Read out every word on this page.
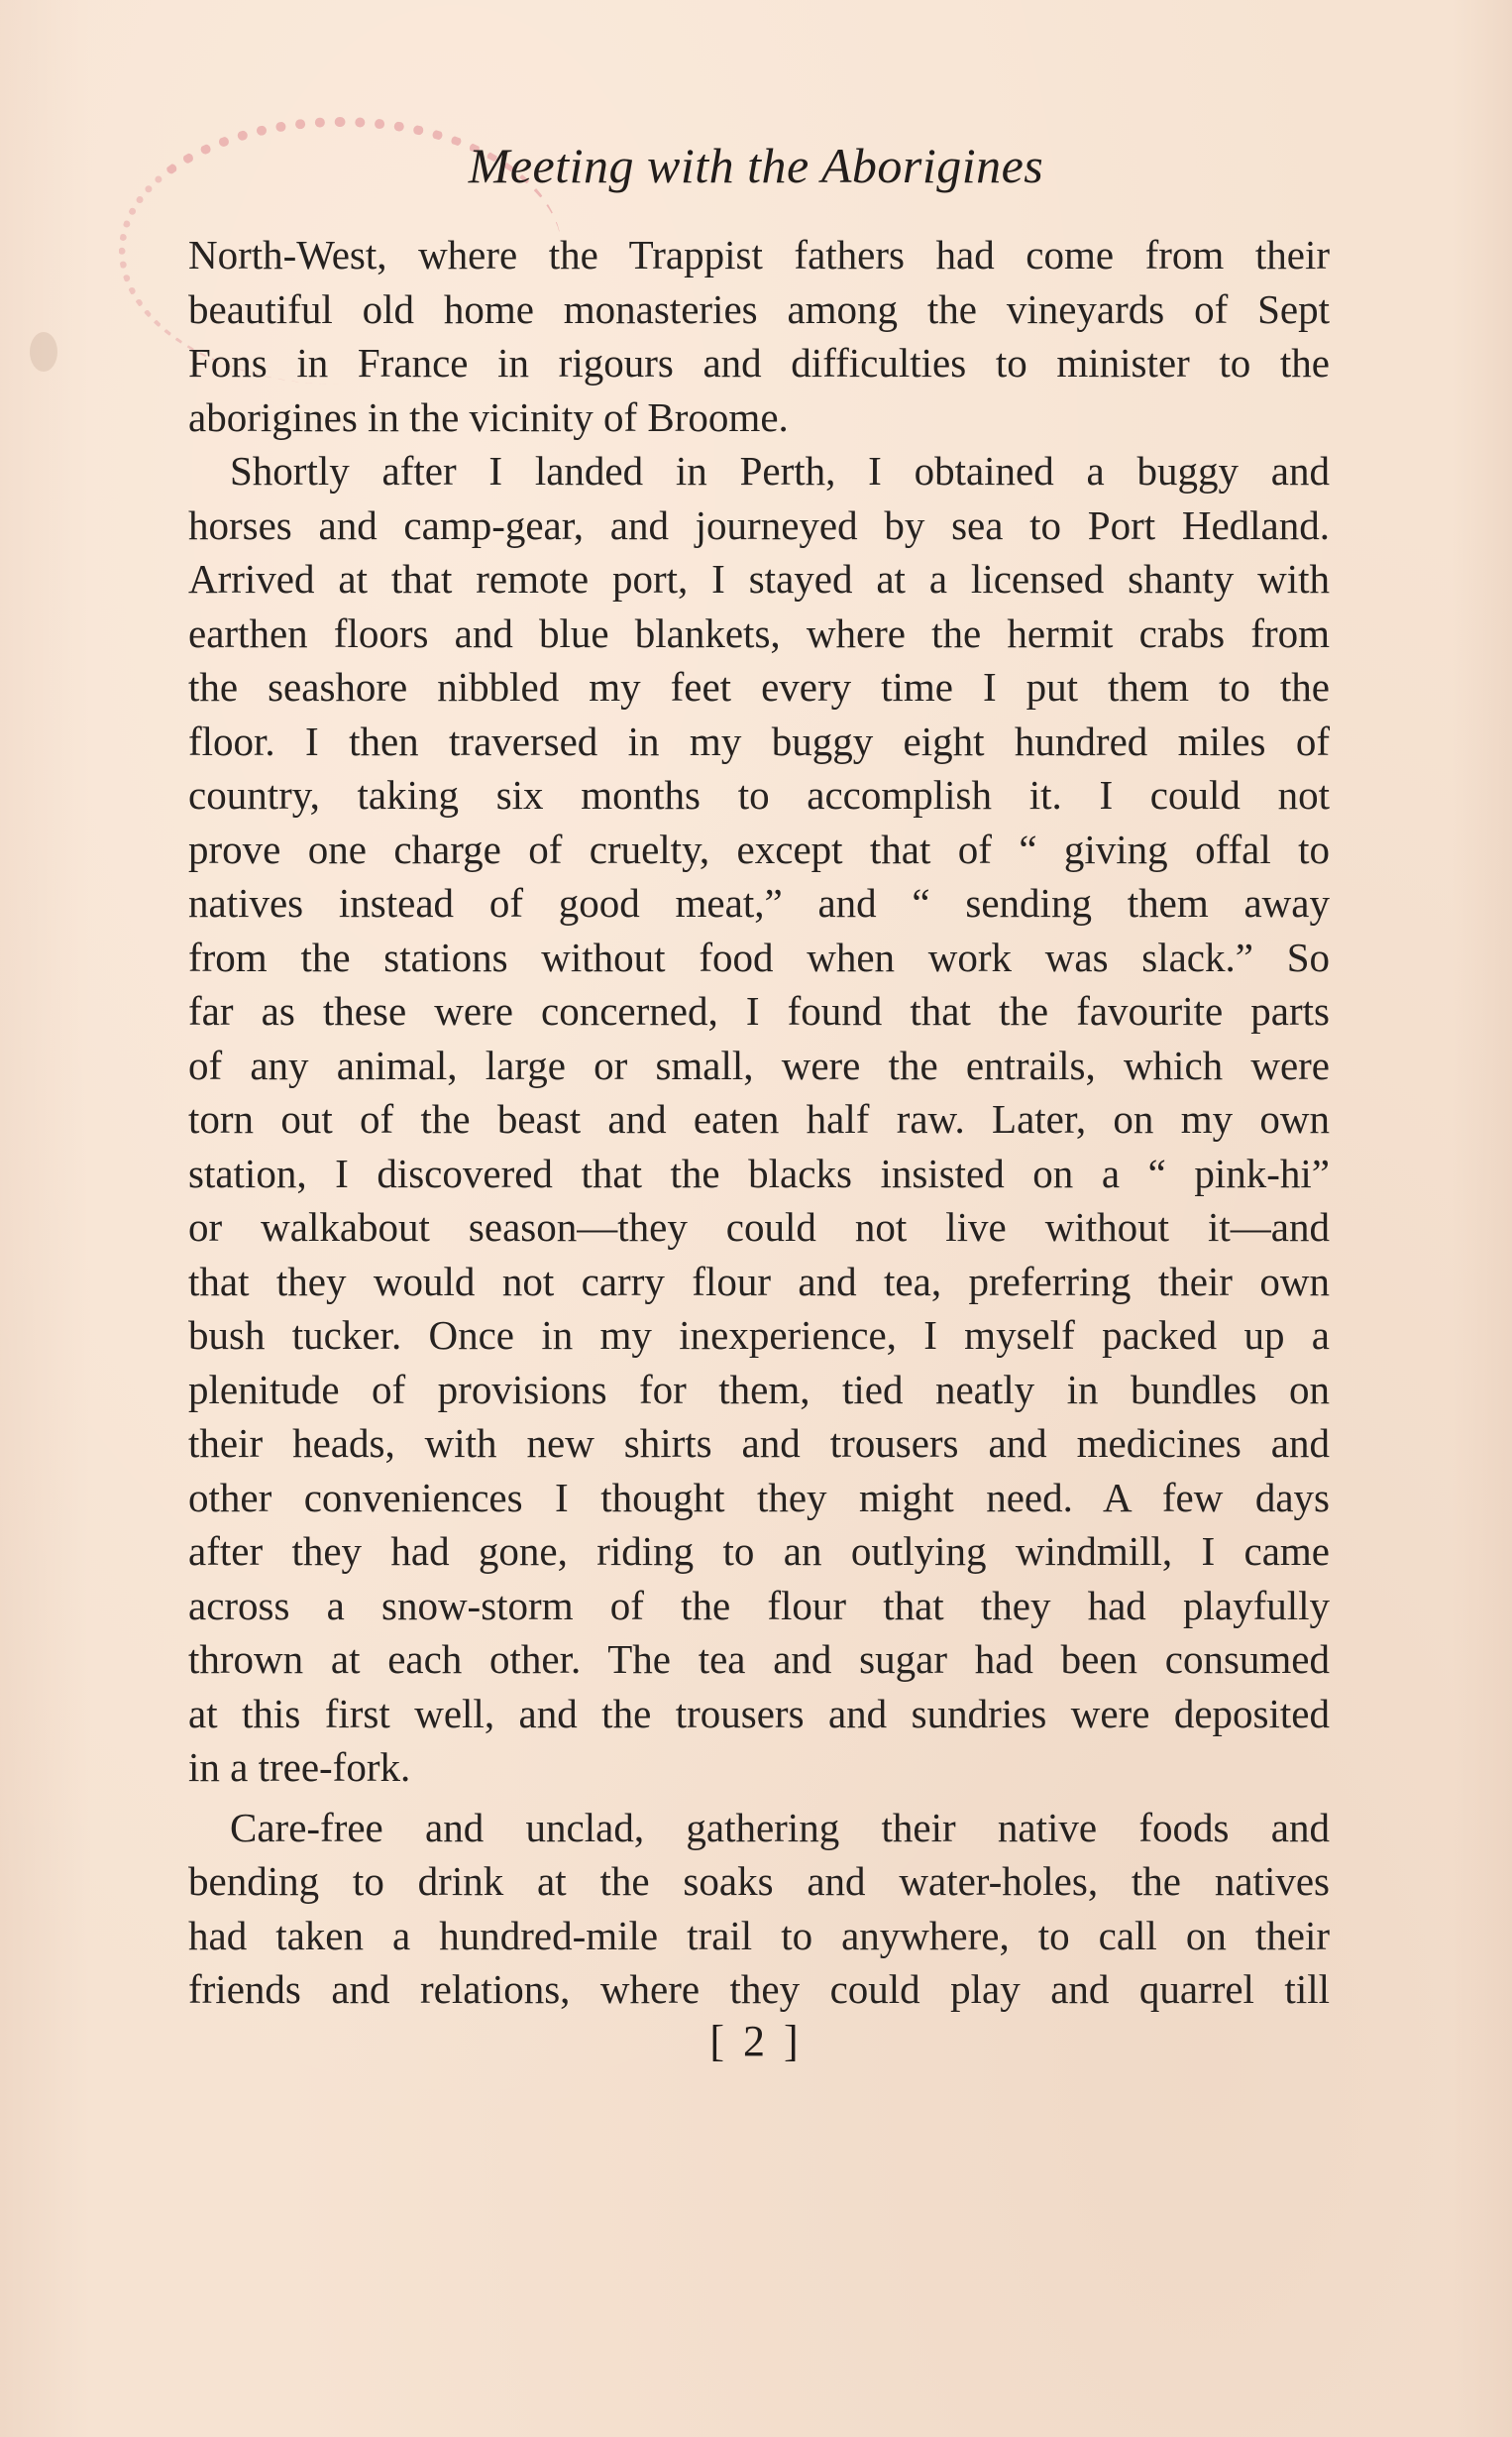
Meeting with the Aborigines

North-West, where the Trappist fathers had come from their
beautiful old home monasteries among the vineyards of Sept
Fons in France in rigours and difficulties to minister to the
aborigines in the vicinity of Broome.

Shortly after I landed in Perth, I obtained a buggy and
horses and camp-gear, and journeyed by sea to Port Hedland.
Arrived at that remote port, I stayed at a licensed shanty with
earthen floors and blue blankets, where the hermit crabs from
the seashore nibbled my feet every time I put them to the
floor. I then traversed in my buggy eight hundred miles of
country, taking six months to accomplish it. I could not
prove one charge of cruelty, except that of “ giving offal to
natives instead of good meat,” and “ sending them away
from the stations without food when work was slack.” So
far as these were concerned, I found that the favourite parts
of any animal, large or small, were the entrails, which were
torn out of the beast and eaten half raw. Later, on my own
station, I discovered that the blacks insisted on a “ pink-hi”
or walkabout season—they could not live without it—and
that they would not carry flour and tea, preferring their own
bush tucker. Once in my inexperience, I myself packed up a
plenitude of provisions for them, tied neatly in bundles on
their heads, with new shirts and trousers and medicines and
other conveniences I thought they might need. A few days
after they had gone, riding to an outlying windmill, I came
across a snow-storm of the flour that they had playfully
thrown at each other. The tea and sugar had been consumed
at this first well, and the trousers and sundries were deposited
in a tree-fork.

Care-free and unclad, gathering their native foods and
bending to drink at the soaks and water-holes, the natives
had taken a hundred-mile trail to anywhere, to call on their
friends and relations, where they could play and quarrel till

[ 2 ]
